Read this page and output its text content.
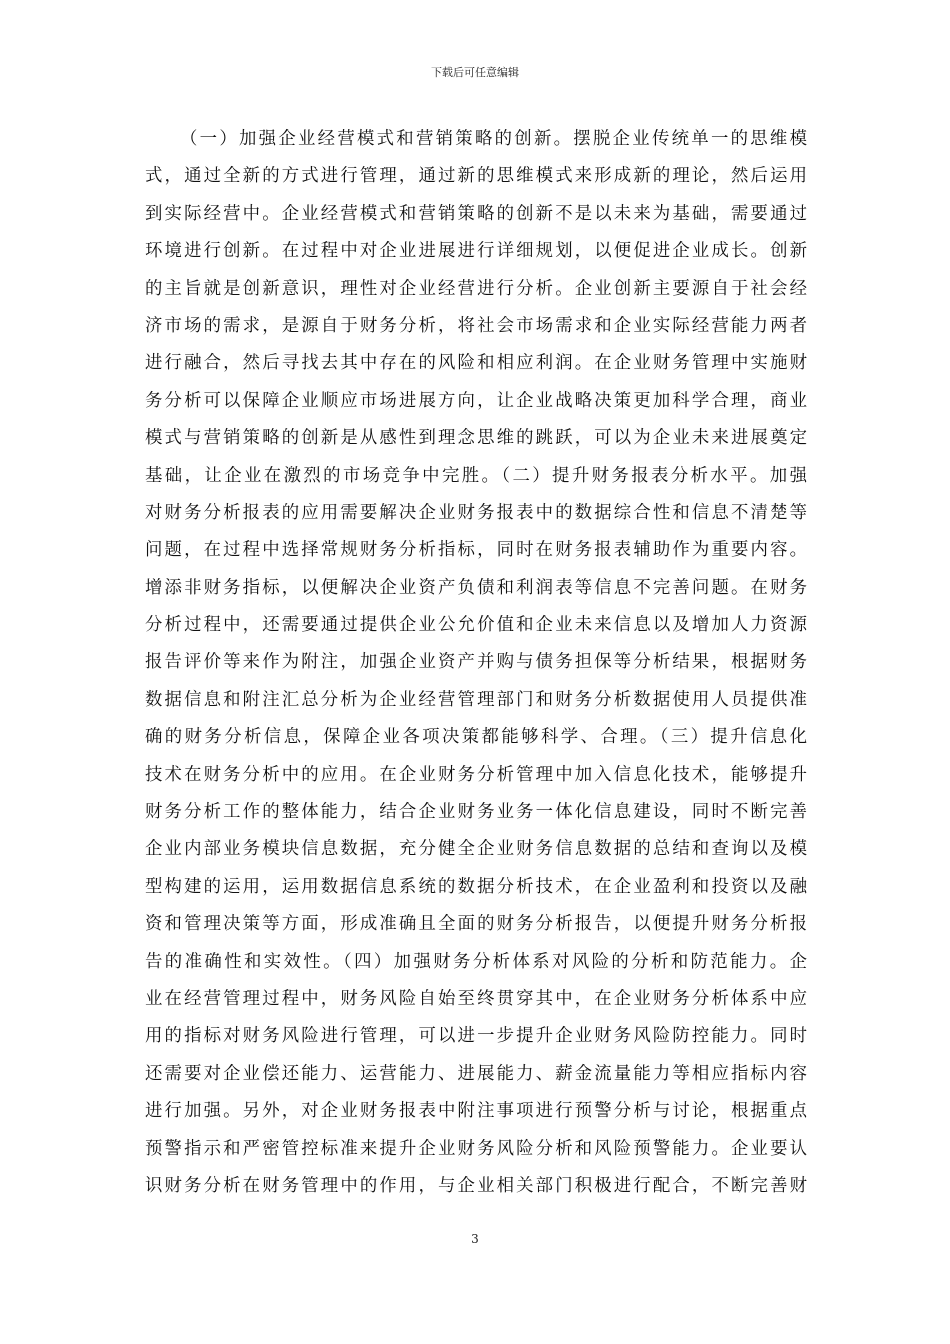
下载后可任意编辑
（一）加强企业经营模式和营销策略的创新。摆脱企业传统单一的思维模
式，通过全新的方式进行管理，通过新的思维模式来形成新的理论，然后运用
到实际经营中。企业经营模式和营销策略的创新不是以未来为基础，需要通过
环境进行创新。在过程中对企业进展进行详细规划，以便促进企业成长。创新
的主旨就是创新意识，理性对企业经营进行分析。企业创新主要源自于社会经
济市场的需求，是源自于财务分析，将社会市场需求和企业实际经营能力两者
进行融合，然后寻找去其中存在的风险和相应利润。在企业财务管理中实施财
务分析可以保障企业顺应市场进展方向，让企业战略决策更加科学合理，商业
模式与营销策略的创新是从感性到理念思维的跳跃，可以为企业未来进展奠定
基础，让企业在激烈的市场竞争中完胜。（二）提升财务报表分析水平。加强
对财务分析报表的应用需要解决企业财务报表中的数据综合性和信息不清楚等
问题，在过程中选择常规财务分析指标，同时在财务报表辅助作为重要内容。
增添非财务指标，以便解决企业资产负债和利润表等信息不完善问题。在财务
分析过程中，还需要通过提供企业公允价值和企业未来信息以及增加人力资源
报告评价等来作为附注，加强企业资产并购与债务担保等分析结果，根据财务
数据信息和附注汇总分析为企业经营管理部门和财务分析数据使用人员提供准
确的财务分析信息，保障企业各项决策都能够科学、合理。（三）提升信息化
技术在财务分析中的应用。在企业财务分析管理中加入信息化技术，能够提升
财务分析工作的整体能力，结合企业财务业务一体化信息建设，同时不断完善
企业内部业务模块信息数据，充分健全企业财务信息数据的总结和查询以及模
型构建的运用，运用数据信息系统的数据分析技术，在企业盈利和投资以及融
资和管理决策等方面，形成准确且全面的财务分析报告，以便提升财务分析报
告的准确性和实效性。（四）加强财务分析体系对风险的分析和防范能力。企
业在经营管理过程中，财务风险自始至终贯穿其中，在企业财务分析体系中应
用的指标对财务风险进行管理，可以进一步提升企业财务风险防控能力。同时
还需要对企业偿还能力、运营能力、进展能力、薪金流量能力等相应指标内容
进行加强。另外，对企业财务报表中附注事项进行预警分析与讨论，根据重点
预警指示和严密管控标准来提升企业财务风险分析和风险预警能力。企业要认
识财务分析在财务管理中的作用，与企业相关部门积极进行配合，不断完善财
3
